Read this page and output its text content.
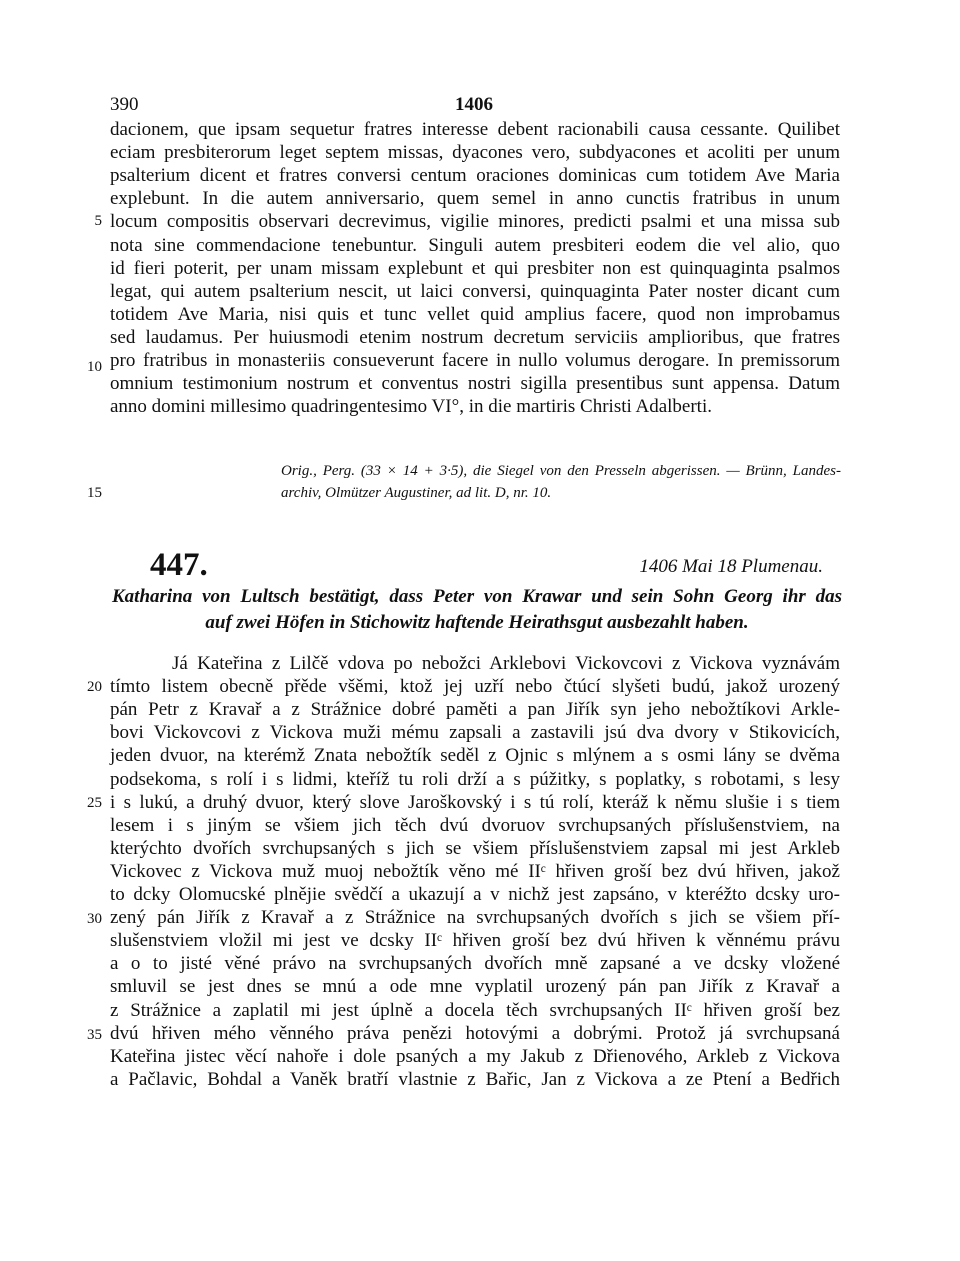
390	1406
dacionem, que ipsam sequetur fratres interesse debent racionabili causa cessante. Quilibet
eciam presbiterorum leget septem missas, dyacones vero, subdyacones et acoliti per unum
psalterium dicent et fratres conversi centum oraciones dominicas cum totidem Ave Maria
explebunt. In die autem anniversario, quem semel in anno cunctis fratribus in unum
locum compositis observari decrevimus, vigilie minores, predicti psalmi et una missa sub
nota sine commendacione tenebuntur. Singuli autem presbiteri eodem die vel alio, quo
id fieri poterit, per unam missam explebunt et qui presbiter non est quinquaginta psalmos
legat, qui autem psalterium nescit, ut laici conversi, quinquaginta Pater noster dicant cum
totidem Ave Maria, nisi quis et tunc vellet quid amplius facere, quod non improbamus
sed laudamus. Per huiusmodi etenim nostrum decretum serviciis amplioribus, que fratres
pro fratribus in monasteriis consueverunt facere in nullo volumus derogare. In premissorum
omnium testimonium nostrum et conventus nostri sigilla presentibus sunt appensa. Datum
anno domini millesimo quadringentesimo VI°, in die martiris Christi Adalberti.
Orig., Perg. (33 × 14 + 3·5), die Siegel von den Presseln abgerissen. — Brünn, Landes-
archiv, Olmützer Augustiner, ad lit. D, nr. 10.
447.	1406 Mai 18 Plumenau.
Katharina von Lultsch bestätigt, dass Peter von Krawar und sein Sohn Georg ihr das
auf zwei Höfen in Stichowitz haftende Heirathsgut ausbezahlt haben.
Já Kateřina z Lilčě vdova po nebožci Arklebovi Vickovcovi z Vickova vyznávám
tímto listem obecně přěde všěmi, ktož jej uzří nebo čtúcí slyšeti budú, jakož urozený
pán Petr z Kravař a z Strážnice dobré paměti a pan Jiřík syn jeho nebožtíkovi Arkle-
bovi Vickovcovi z Vickova muži mému zapsali a zastavili jsú dva dvory v Stikovicích,
jeden dvuor, na kterémž Znata nebožtík seděl z Ojnic s mlýnem a s osmi lány se dvěma
podsekoma, s rolí i s lidmi, kteříž tu roli drží a s púžitky, s poplatky, s robotami, s lesy
i s lukú, a druhý dvuor, který slove Jaroškovský i s tú rolí, kteráž k němu slušie i s tiem
lesem i s jiným se všiem jich těch dvú dvoruov svrchupsaných příslušenstviem, na
kterýchto dvořích svrchupsaných s jich se všiem příslušenstviem zapsal mi jest Arkleb
Vickovec z Vickova muž muoj nebožtík věno mé IIᶜ hřiven groší bez dvú hřiven, jakož
to dcky Olomucské plnějie svědčí a ukazují a v nichž jest zapsáno, v kteréžto dcsky uro-
zený pán Jiřík z Kravař a z Strážnice na svrchupsaných dvořích s jich se všiem pří-
slušenstviem vložil mi jest ve dcsky IIᶜ hřiven groší bez dvú hřiven k věnnému právu
a o to jisté věné právo na svrchupsaných dvořích mně zapsané a ve dcsky vložené
smluvil se jest dnes se mnú a ode mne vyplatil urozený pán pan Jiřík z Kravař a
z Strážnice a zaplatil mi jest úplně a docela těch svrchupsaných IIᶜ hřiven groší bez
dvú hřiven mého věnného práva penězi hotovými a dobrými. Protož já svrchupsaná
Kateřina jistec věcí nahoře i dole psaných a my Jakub z Dřienového, Arkleb z Vickova
a Pačlavic, Bohdal a Vaněk bratří vlastnie z Bařic, Jan z Vickova a ze Ptení a Bedřich
5
10
15
20
25
30
35
